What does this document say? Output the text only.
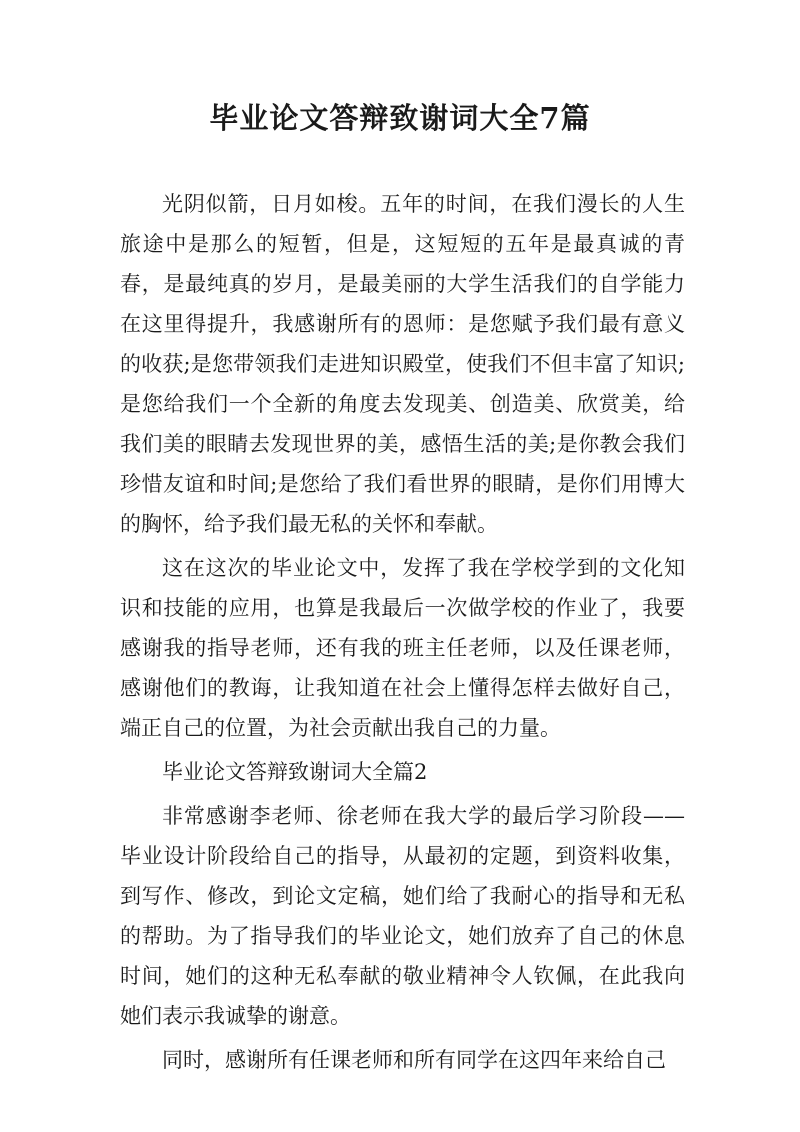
毕业论文答辩致谢词大全7篇

光阴似箭，日月如梭。五年的时间，在我们漫长的人生旅途中是那么的短暂，但是，这短短的五年是最真诚的青春，是最纯真的岁月，是最美丽的大学生活我们的自学能力在这里得提升，我感谢所有的恩师：是您赋予我们最有意义的收获;是您带领我们走进知识殿堂，使我们不但丰富了知识;是您给我们一个全新的角度去发现美、创造美、欣赏美，给我们美的眼睛去发现世界的美，感悟生活的美;是你教会我们珍惜友谊和时间;是您给了我们看世界的眼睛，是你们用博大的胸怀，给予我们最无私的关怀和奉献。

这在这次的毕业论文中，发挥了我在学校学到的文化知识和技能的应用，也算是我最后一次做学校的作业了，我要感谢我的指导老师，还有我的班主任老师，以及任课老师，感谢他们的教诲，让我知道在社会上懂得怎样去做好自己，端正自己的位置，为社会贡献出我自己的力量。

毕业论文答辩致谢词大全篇2

非常感谢李老师、徐老师在我大学的最后学习阶段——毕业设计阶段给自己的指导，从最初的定题，到资料收集，到写作、修改，到论文定稿，她们给了我耐心的指导和无私的帮助。为了指导我们的毕业论文，她们放弃了自己的休息时间，她们的这种无私奉献的敬业精神令人钦佩，在此我向她们表示我诚挚的谢意。

同时，感谢所有任课老师和所有同学在这四年来给自己
